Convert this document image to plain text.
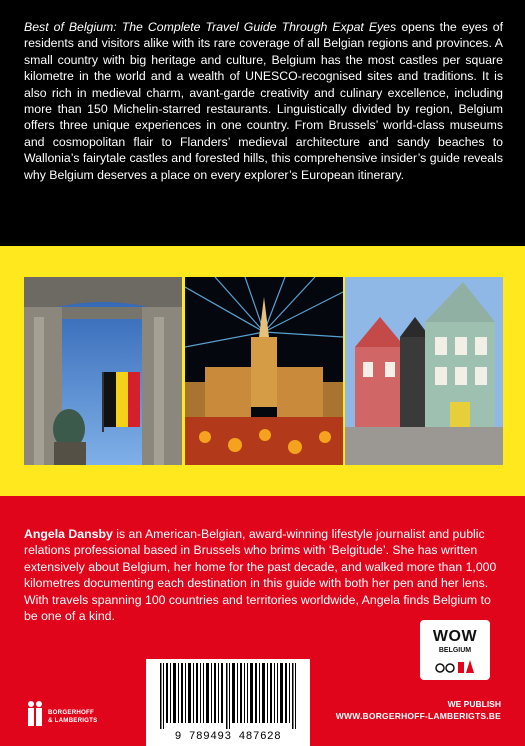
Best of Belgium: The Complete Travel Guide Through Expat Eyes opens the eyes of residents and visitors alike with its rare coverage of all Belgian regions and provinces. A small country with big heritage and culture, Belgium has the most castles per square kilometre in the world and a wealth of UNESCO-recognised sites and traditions. It is also rich in medieval charm, avant-garde creativity and culinary excellence, including more than 150 Michelin-starred restaurants. Linguistically divided by region, Belgium offers three unique experiences in one country. From Brussels’ world-class museums and cosmopolitan flair to Flanders’ medieval architecture and sandy beaches to Wallonia’s fairytale castles and forested hills, this comprehensive insider’s guide reveals why Belgium deserves a place on every explorer’s European itinerary.

Angela Dansby is an American-Belgian, award-winning lifestyle journalist and public relations professional based in Brussels who brims with ‘Belgitude’. She has written extensively about Belgium, her home for the past decade, and walked more than 1,000 kilometres documenting each destination in this guide with both her pen and her lens. With travels spanning 100 countries and territories worldwide, Angela finds Belgium to be one of a kind.

WOW
BELGIUM
9 789493 487628
BORGERHOFF
& LAMBERIGTS
WE PUBLISH
WWW.BORGERHOFF-LAMBERIGTS.BE
